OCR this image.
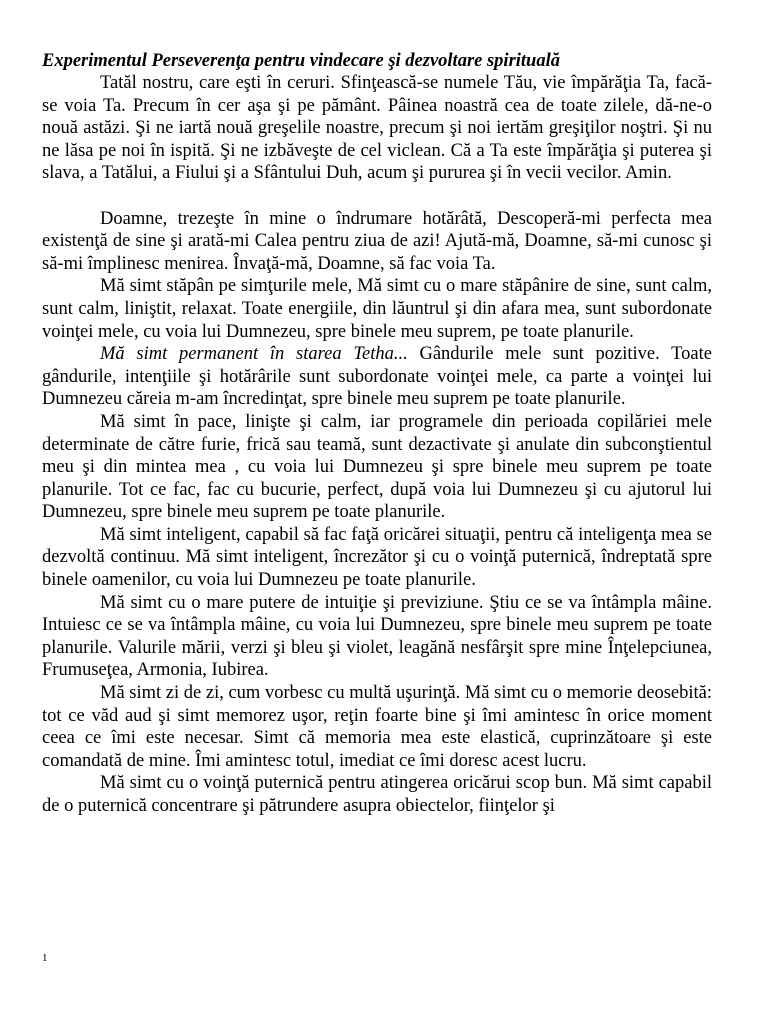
Experimentul Perseverenţa pentru vindecare şi dezvoltare spirituală

Tatăl nostru, care eşti în ceruri. Sfinţească-se numele Tău, vie împărăţia Ta, facă-se voia Ta. Precum în cer aşa şi pe pământ. Pâinea noastră cea de toate zilele, dă-ne-o nouă astăzi. Şi ne iartă nouă greşelile noastre, precum şi noi iertăm greşiţilor noştri. Şi nu ne lăsa pe noi în ispită. Şi ne izbăveşte de cel viclean. Că a Ta este împărăţia şi puterea şi slava, a Tatălui, a Fiului şi a Sfântului Duh, acum şi pururea şi în vecii vecilor. Amin.

Doamne, trezeşte în mine o îndrumare hotărâtă, Descoperă-mi perfecta mea existenţă de sine şi arată-mi Calea pentru ziua de azi! Ajută-mă, Doamne, să-mi cunosc şi să-mi împlinesc menirea. Învaţă-mă, Doamne, să fac voia Ta.

Mă simt stăpân pe simţurile mele, Mă simt cu o mare stăpânire de sine, sunt calm, sunt calm, liniştit, relaxat. Toate energiile, din lăuntrul şi din afara mea, sunt subordonate voinţei mele, cu voia lui Dumnezeu, spre binele meu suprem, pe toate planurile.

Mă simt permanent în starea Tetha... Gândurile mele sunt pozitive. Toate gândurile, intenţiile şi hotărârile sunt subordonate voinţei mele, ca parte a voinţei lui Dumnezeu căreia m-am încredinţat, spre binele meu suprem pe toate planurile.

Mă simt în pace, linişte şi calm, iar programele din perioada copilăriei mele determinate de către furie, frică sau teamă, sunt dezactivate şi anulate din subconştientul meu şi din mintea mea , cu voia lui Dumnezeu şi spre binele meu suprem pe toate planurile. Tot ce fac, fac cu bucurie, perfect, după voia lui Dumnezeu şi cu ajutorul lui Dumnezeu, spre binele meu suprem pe toate planurile.

Mă simt inteligent, capabil să fac faţă oricărei situaţii, pentru că inteligenţa mea se dezvoltă continuu. Mă simt inteligent, încrezător şi cu o voinţă puternică, îndreptată spre binele oamenilor, cu voia lui Dumnezeu pe toate planurile.

Mă simt cu o mare putere de intuiţie şi previziune. Ştiu ce se va întâmpla mâine. Intuiesc ce se va întâmpla mâine, cu voia lui Dumnezeu, spre binele meu suprem pe toate planurile. Valurile mării, verzi şi bleu şi violet, leagănă nesfârşit spre mine Înţelepciunea, Frumuseţea, Armonia, Iubirea.

Mă simt zi de zi, cum vorbesc cu multă uşurinţă. Mă simt cu o memorie deosebită: tot ce văd aud şi simt memorez uşor, reţin foarte bine şi îmi amintesc în orice moment ceea ce îmi este necesar. Simt că memoria mea este elastică, cuprinzătoare şi este comandată de mine. Îmi amintesc totul, imediat ce îmi doresc acest lucru.

Mă simt cu o voinţă puternică pentru atingerea oricărui scop bun. Mă simt capabil de o puternică concentrare şi pătrundere asupra obiectelor, fiinţelor şi

1
